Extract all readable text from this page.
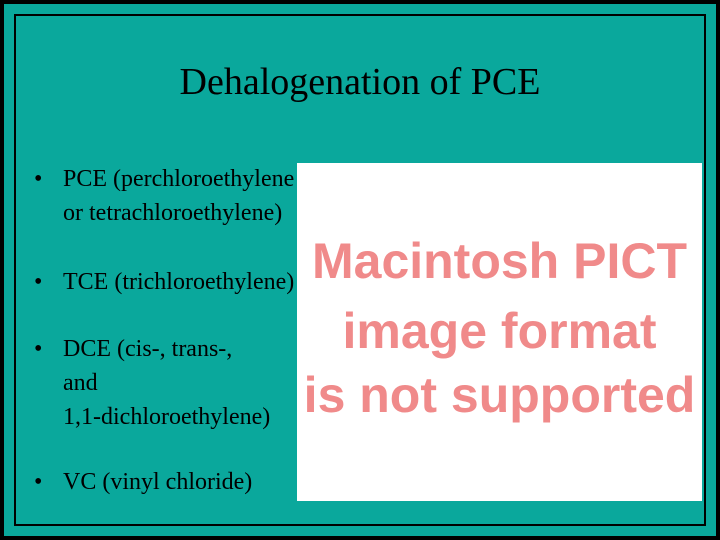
Dehalogenation of PCE
• PCE (perchloroethylene
or tetrachloroethylene)
• TCE (trichloroethylene)
• DCE (cis-, trans-,
and
1,1-dichloroethylene)
• VC (vinyl chloride)
Macintosh PICT
image format
is not supported
